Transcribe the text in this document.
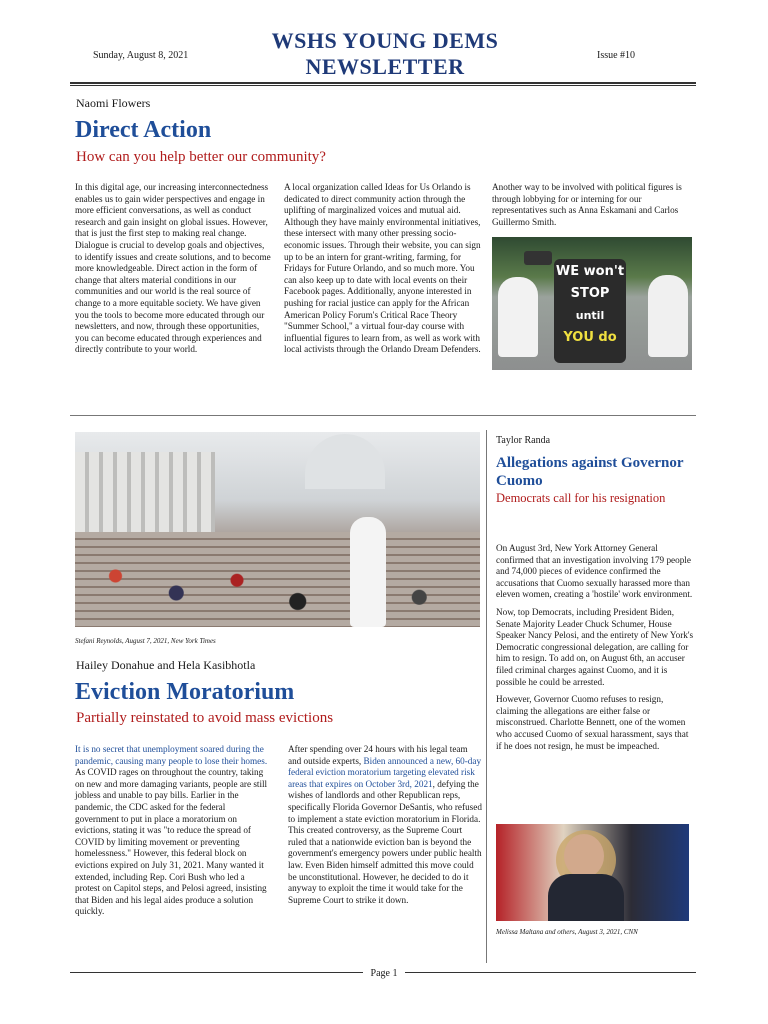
Sunday, August 8, 2021
WSHS YOUNG DEMS
NEWSLETTER	Issue #10
Naomi Flowers
Direct Action
How can you help better our community?

In this digital age, our increasing interconnectedness enables us to gain wider perspectives and engage in more efficient conversations, as well as conduct research and gain insight on global issues. However, that is just the first step to making real change. Dialogue is crucial to develop goals and objectives, to identify issues and create solutions, and to become more knowledgeable. Direct action in the form of change that alters material conditions in our communities and our world is the real source of change to a more equitable society. We have given you the tools to become more educated through our newsletters, and now, through these opportunities, you can become educated through experiences and directly contribute to your world.

A local organization called Ideas for Us Orlando is dedicated to direct community action through the uplifting of marginalized voices and mutual aid. Although they have mainly environmental initiatives, these intersect with many other pressing socio-economic issues. Through their website, you can sign up to be an intern for grant-writing, farming, for Fridays for Future Orlando, and so much more. You can also keep up to date with local events on their Facebook pages. Additionally, anyone interested in pushing for racial justice can apply for the African American Policy Forum's Critical Race Theory "Summer School," a virtual four-day course with influential figures to learn from, as well as work with local activists through the Orlando Dream Defenders.

Another way to be involved with political figures is through lobbying for or interning for our representatives such as Anna Eskamani and Carlos Guillermo Smith.

WE won't
STOP
until
YOU do
Stefani Reynolds, August 7, 2021, New York Times
Taylor Randa
Allegations against Governor Cuomo
Democrats call for his resignation

On August 3rd, New York Attorney General confirmed that an investigation involving 179 people and 74,000 pieces of evidence confirmed the accusations that Cuomo sexually harassed more than eleven women, creating a 'hostile' work environment.

Now, top Democrats, including President Biden, Senate Majority Leader Chuck Schumer, House Speaker Nancy Pelosi, and the entirety of New York's Democratic congressional delegation, are calling for him to resign. To add on, on August 6th, an accuser filed criminal charges against Cuomo, and it is possible he could be arrested.

However, Governor Cuomo refuses to resign, claiming the allegations are either false or misconstrued. Charlotte Bennett, one of the women who accused Cuomo of sexual harassment, says that if he does not resign, he must be impeached.

Melissa Maltana and others, August 3, 2021, CNN
Hailey Donahue and Hela Kasibhotla
Eviction Moratorium
Partially reinstated to avoid mass evictions

It is no secret that unemployment soared during the pandemic, causing many people to lose their homes. As COVID rages on throughout the country, taking on new and more damaging variants, people are still jobless and unable to pay bills. Earlier in the pandemic, the CDC asked for the federal government to put in place a moratorium on evictions, stating it was "to reduce the spread of COVID by limiting movement or preventing homelessness." However, this federal block on evictions expired on July 31, 2021. Many wanted it extended, including Rep. Cori Bush who led a protest on Capitol steps, and Pelosi agreed, insisting that Biden and his legal aides produce a solution quickly.

After spending over 24 hours with his legal team and outside experts, Biden announced a new, 60-day federal eviction moratorium targeting elevated risk areas that expires on October 3rd, 2021, defying the wishes of landlords and other Republican reps, specifically Florida Governor DeSantis, who refused to implement a state eviction moratorium in Florida. This created controversy, as the Supreme Court ruled that a nationwide eviction ban is beyond the government's emergency powers under public health law. Even Biden himself admitted this move could be unconstitutional. However, he decided to do it anyway to exploit the time it would take for the Supreme Court to strike it down.

Page 1
